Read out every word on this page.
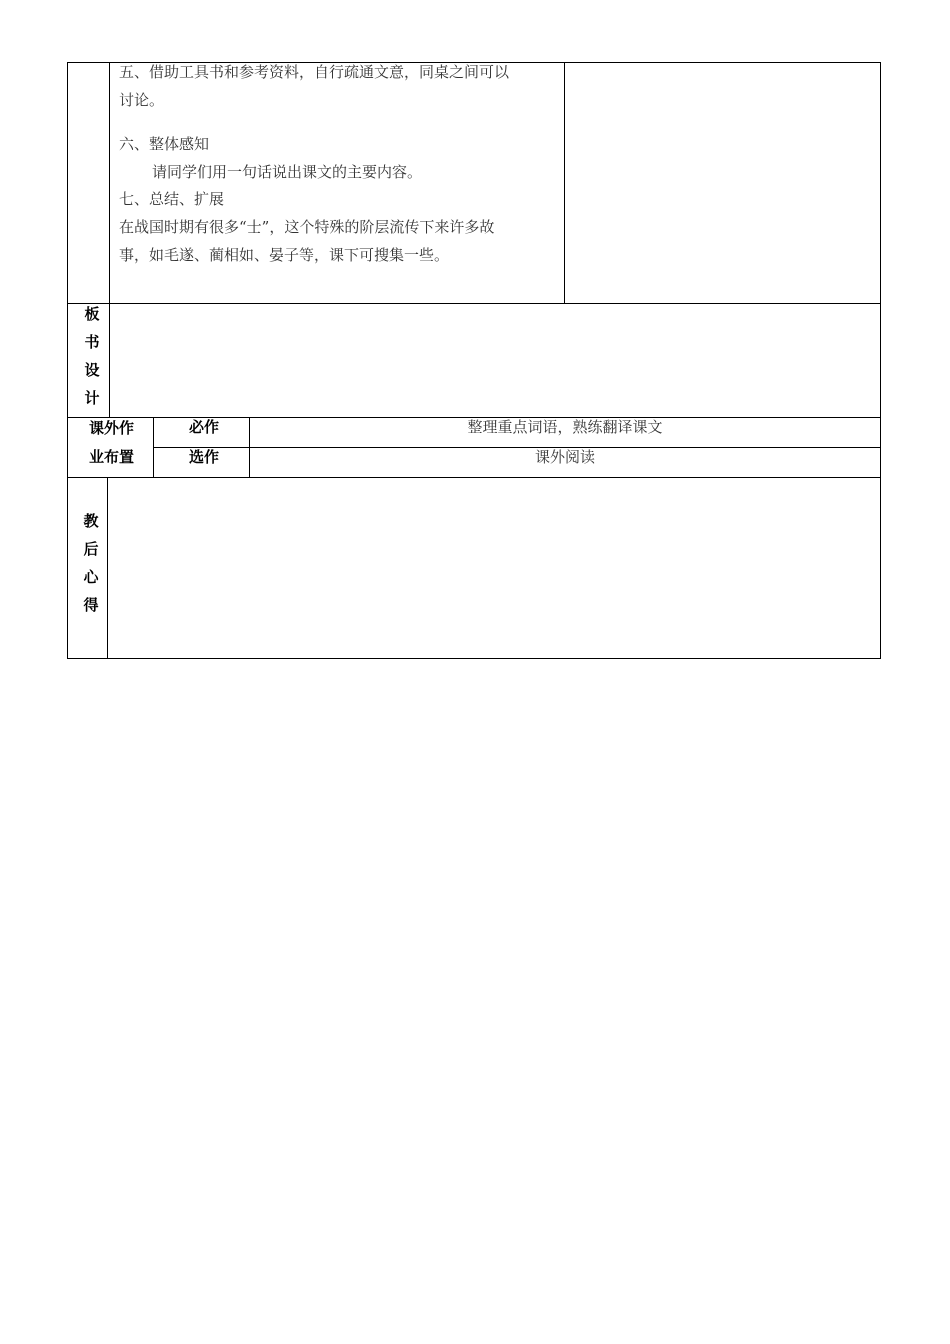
五、借助工具书和参考资料，自行疏通文意，同桌之间可以
讨论。
六、整体感知
请同学们用一句话说出课文的主要内容。
七、总结、扩展
在战国时期有很多“士”，这个特殊的阶层流传下来许多故
事，如毛遂、蔺相如、晏子等，课下可搜集一些。
板
书
设
计
课外作
业布置
必作
选作
整理重点词语，熟练翻译课文
课外阅读
教
后
心
得
